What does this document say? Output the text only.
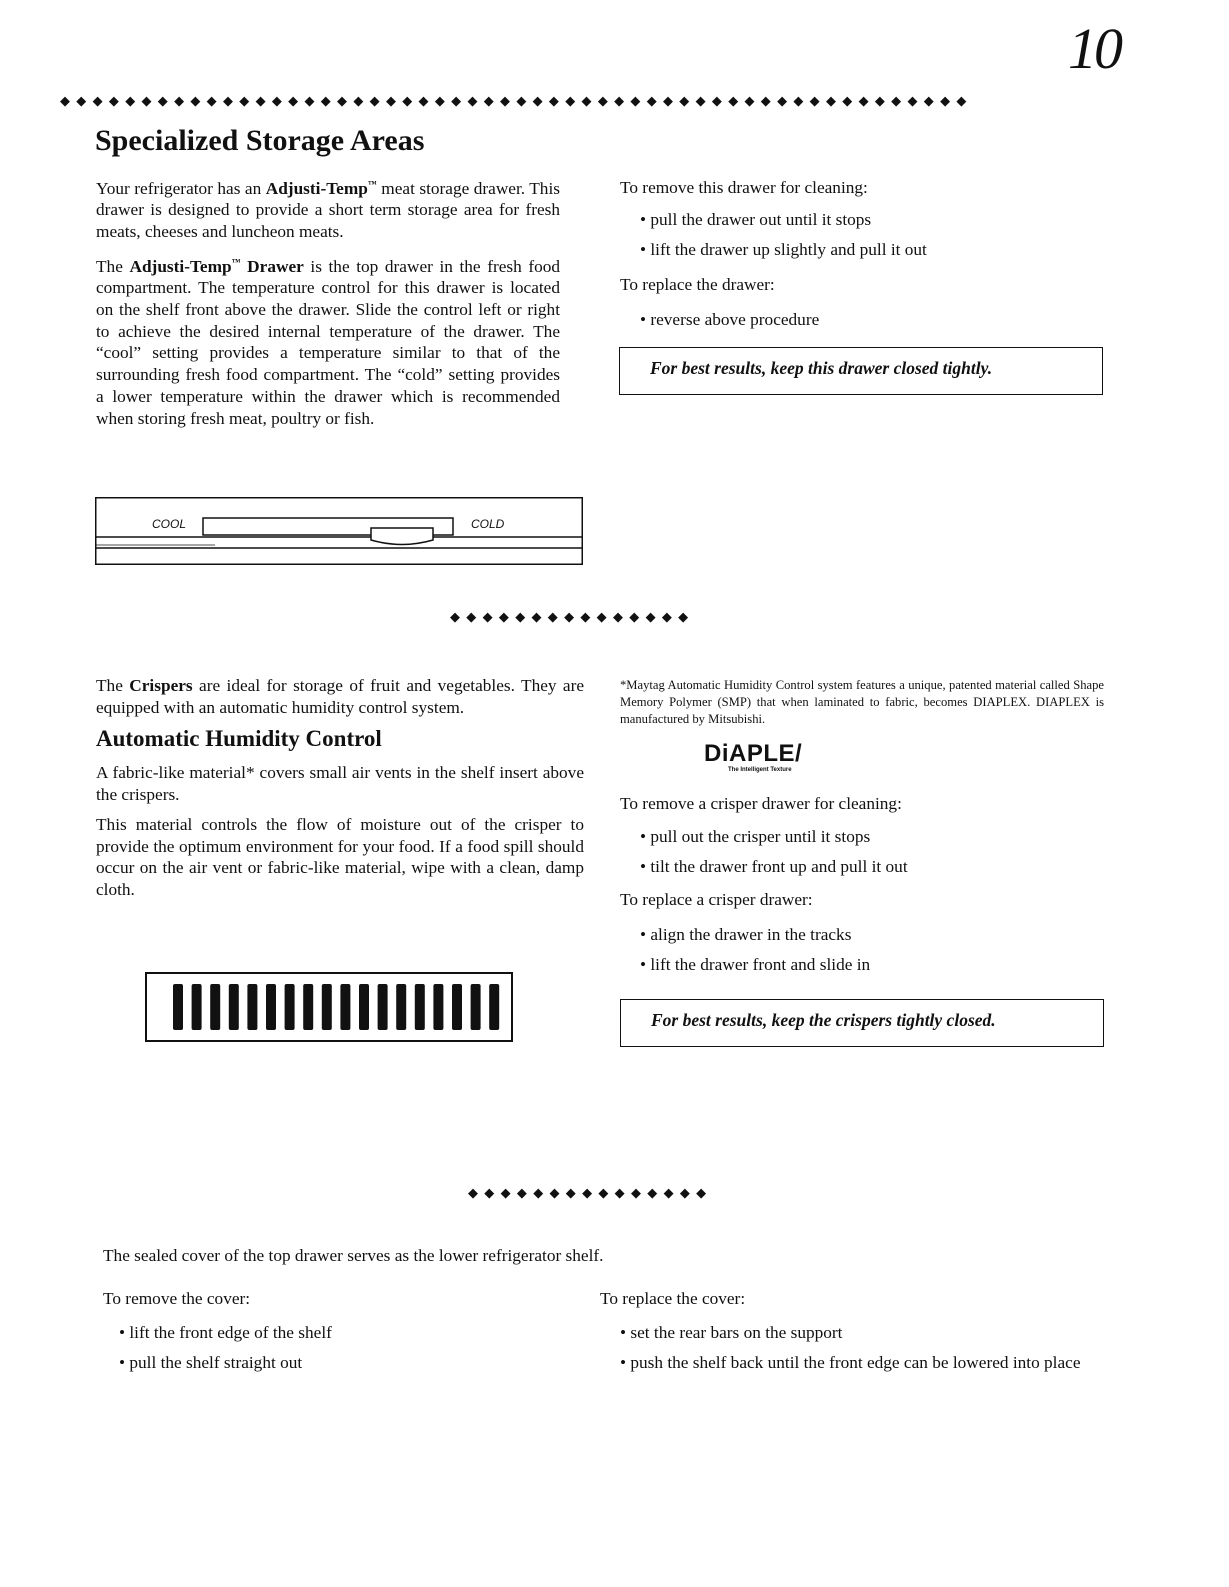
10
◆◆◆◆◆◆◆◆◆◆◆◆◆◆◆◆◆◆◆◆◆◆◆◆◆◆◆◆◆◆◆◆◆◆◆◆◆◆◆◆◆◆◆◆◆◆◆◆◆◆◆◆◆◆◆◆
Specialized Storage Areas

Your refrigerator has an Adjusti-Temp™ meat storage drawer. This drawer is designed to provide a short term storage area for fresh meats, cheeses and luncheon meats.

The Adjusti-Temp™ Drawer is the top drawer in the fresh food compartment. The temperature control for this drawer is located on the shelf front above the drawer. Slide the control left or right to achieve the desired internal temperature of the drawer. The “cool” setting provides a temperature similar to that of the surrounding fresh food compartment. The “cold” setting provides a lower temperature within the drawer which is recommended when storing fresh meat, poultry or fish.

COOL	COLD
To remove this drawer for cleaning:
• pull the drawer out until it stops
• lift the drawer up slightly and pull it out
To replace the drawer:
• reverse above procedure
For best results, keep this drawer closed tightly.
◆◆◆◆◆◆◆◆◆◆◆◆◆◆◆

The Crispers are ideal for storage of fruit and vegetables. They are equipped with an automatic humidity control system.

Automatic Humidity Control

A fabric-like material* covers small air vents in the shelf insert above the crispers.

This material controls the flow of moisture out of the crisper to provide the optimum environment for your food. If a food spill should occur on the air vent or fabric-like material, wipe with a clean, damp cloth.

*Maytag Automatic Humidity Control system features a unique, patented material called Shape Memory Polymer (SMP) that when laminated to fabric, becomes DIAPLEX. DIAPLEX is manufactured by Mitsubishi.

DiAPLE/
The Intelligent Texture
To remove a crisper drawer for cleaning:
• pull out the crisper until it stops
• tilt the drawer front up and pull it out
To replace a crisper drawer:
• align the drawer in the tracks
• lift the drawer front and slide in
For best results, keep the crispers tightly closed.
◆◆◆◆◆◆◆◆◆◆◆◆◆◆◆
The sealed cover of the top drawer serves as the lower refrigerator shelf.
To remove the cover:
• lift the front edge of the shelf
• pull the shelf straight out
To replace the cover:
• set the rear bars on the support
• push the shelf back until the front edge can be lowered into place
